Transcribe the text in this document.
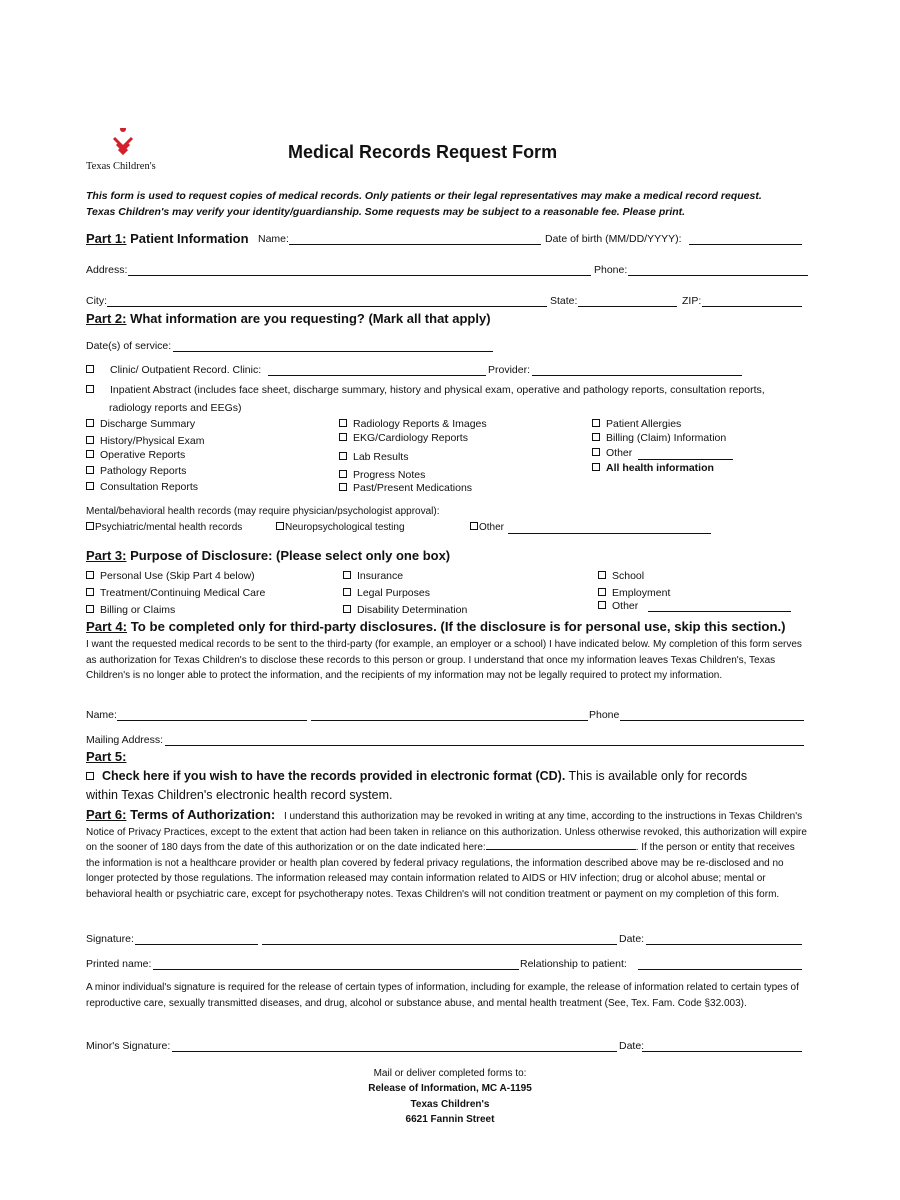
Texas Children's
Medical Records Request Form
This form is used to request copies of medical records. Only patients or their legal representatives may make a medical record request.
Texas Children's may verify your identity/guardianship. Some requests may be subject to a reasonable fee. Please print.
Part 1: Patient Information Name:	Date of birth (MM/DD/YYYY):
Address:	Phone:
City:	State:	ZIP:
Part 2: What information are you requesting? (Mark all that apply)
Date(s) of service:
Clinic/ Outpatient Record. Clinic:	Provider:
Inpatient Abstract (includes face sheet, discharge summary, history and physical exam, operative and pathology reports, consultation reports,
radiology reports and EEGs)
Discharge Summary
History/Physical Exam
Operative Reports
Pathology Reports
Consultation Reports
Radiology Reports & Images
EKG/Cardiology Reports
Lab Results
Progress Notes
Past/Present Medications
Patient Allergies
Billing (Claim) Information
Other
All health information
Mental/behavioral health records (may require physician/psychologist approval):
Psychiatric/mental health records	Neuropsychological testing	Other
Part 3: Purpose of Disclosure: (Please select only one box)
Personal Use (Skip Part 4 below)
Treatment/Continuing Medical Care
Billing or Claims
Insurance
Legal Purposes
Disability Determination
School
Employment
Other
Part 4: To be completed only for third-party disclosures. (If the disclosure is for personal use, skip this section.)
I want the requested medical records to be sent to the third-party (for example, an employer or a school) I have indicated below. My completion of this form serves as authorization for Texas Children's to disclose these records to this person or group. I understand that once my information leaves Texas Children's, Texas Children's is no longer able to protect the information, and the recipients of my information may not be legally required to protect my information.
Name:	Phone
Mailing Address:
Part 5:
Check here if you wish to have the records provided in electronic format (CD). This is available only for records
within Texas Children's electronic health record system.
Part 6: Terms of Authorization: I understand this authorization may be revoked in writing at any time, according to the instructions in Texas Children's Notice of Privacy Practices, except to the extent that action had been taken in reliance on this authorization. Unless otherwise revoked, this authorization will expire on the sooner of 180 days from the date of this authorization or on the date indicated here:	. If the person or entity that receives the information is not a healthcare provider or health plan covered by federal privacy regulations, the information described above may be re-disclosed and no longer protected by those regulations. The information released may contain information related to AIDS or HIV infection; drug or alcohol abuse; mental or behavioral health or psychiatric care, except for psychotherapy notes. Texas Children's will not condition treatment or payment on my completion of this form.
Signature:	Date:
Printed name:	Relationship to patient:
A minor individual's signature is required for the release of certain types of information, including for example, the release of information related to certain types of reproductive care, sexually transmitted diseases, and drug, alcohol or substance abuse, and mental health treatment (See, Tex. Fam. Code §32.003).
Minor's Signature:	Date:
Mail or deliver completed forms to:
Release of Information, MC A-1195
Texas Children's
6621 Fannin Street
